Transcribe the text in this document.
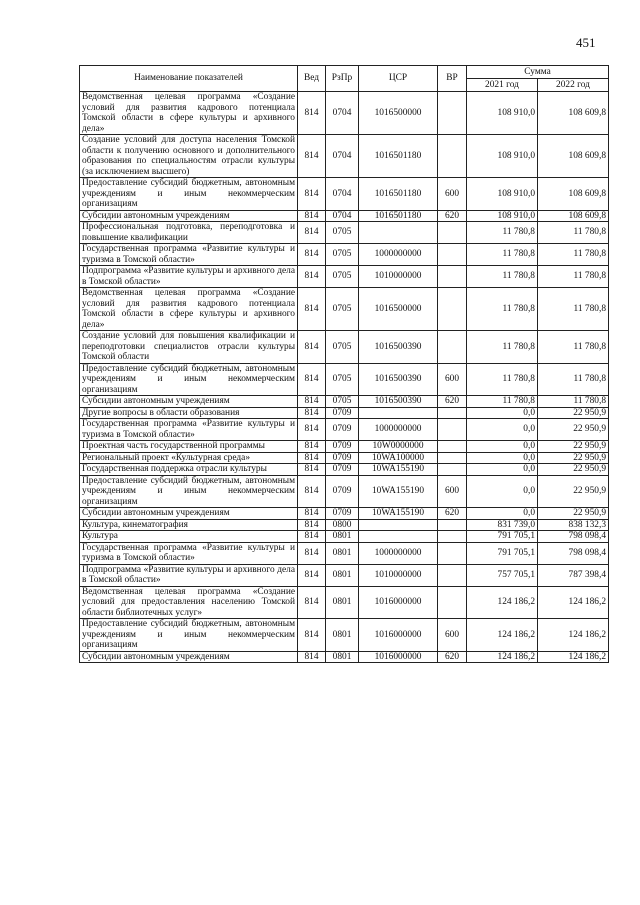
451
Наименование показателей	Вед	РзПр	ЦСР	ВР	Сумма	
					2021 год	2022 год
Ведомственная целевая программа «Создание условий для развития кадрового потенциала Томской области в сфере культуры и архивного дела»	814	0704	1016500000		108 910,0	108 609,8
Создание условий для доступа населения Томской области к получению основного и дополнительного образования по специальностям отрасли культуры (за исключением высшего)	814	0704	1016501180		108 910,0	108 609,8
Предоставление субсидий бюджетным, автономным учреждениям и иным некоммерческим организациям	814	0704	1016501180	600	108 910,0	108 609,8
Субсидии автономным учреждениям	814	0704	1016501180	620	108 910,0	108 609,8
Профессиональная подготовка, переподготовка и повышение квалификации	814	0705			11 780,8	11 780,8
Государственная программа «Развитие культуры и туризма в Томской области»	814	0705	1000000000		11 780,8	11 780,8
Подпрограмма «Развитие культуры и архивного дела в Томской области»	814	0705	1010000000		11 780,8	11 780,8
Ведомственная целевая программа «Создание условий для развития кадрового потенциала Томской области в сфере культуры и архивного дела»	814	0705	1016500000		11 780,8	11 780,8
Создание условий для повышения квалификации и переподготовки специалистов отрасли культуры Томской области	814	0705	1016500390		11 780,8	11 780,8
Предоставление субсидий бюджетным, автономным учреждениям и иным некоммерческим организациям	814	0705	1016500390	600	11 780,8	11 780,8
Субсидии автономным учреждениям	814	0705	1016500390	620	11 780,8	11 780,8
Другие вопросы в области образования	814	0709			0,0	22 950,9
Государственная программа «Развитие культуры и туризма в Томской области»	814	0709	1000000000		0,0	22 950,9
Проектная часть государственной программы	814	0709	10W0000000		0,0	22 950,9
Региональный проект «Культурная среда»	814	0709	10WA100000		0,0	22 950,9
Государственная поддержка отрасли культуры	814	0709	10WA155190		0,0	22 950,9
Предоставление субсидий бюджетным, автономным учреждениям и иным некоммерческим организациям	814	0709	10WA155190	600	0,0	22 950,9
Субсидии автономным учреждениям	814	0709	10WA155190	620	0,0	22 950,9
Культура, кинематография	814	0800			831 739,0	838 132,3
Культура	814	0801			791 705,1	798 098,4
Государственная программа «Развитие культуры и туризма в Томской области»	814	0801	1000000000		791 705,1	798 098,4
Подпрограмма «Развитие культуры и архивного дела в Томской области»	814	0801	1010000000		757 705,1	787 398,4
Ведомственная целевая программа «Создание условий для предоставления населению Томской области библиотечных услуг»	814	0801	1016000000		124 186,2	124 186,2
Предоставление субсидий бюджетным, автономным учреждениям и иным некоммерческим организациям	814	0801	1016000000	600	124 186,2	124 186,2
Субсидии автономным учреждениям	814	0801	1016000000	620	124 186,2	124 186,2
